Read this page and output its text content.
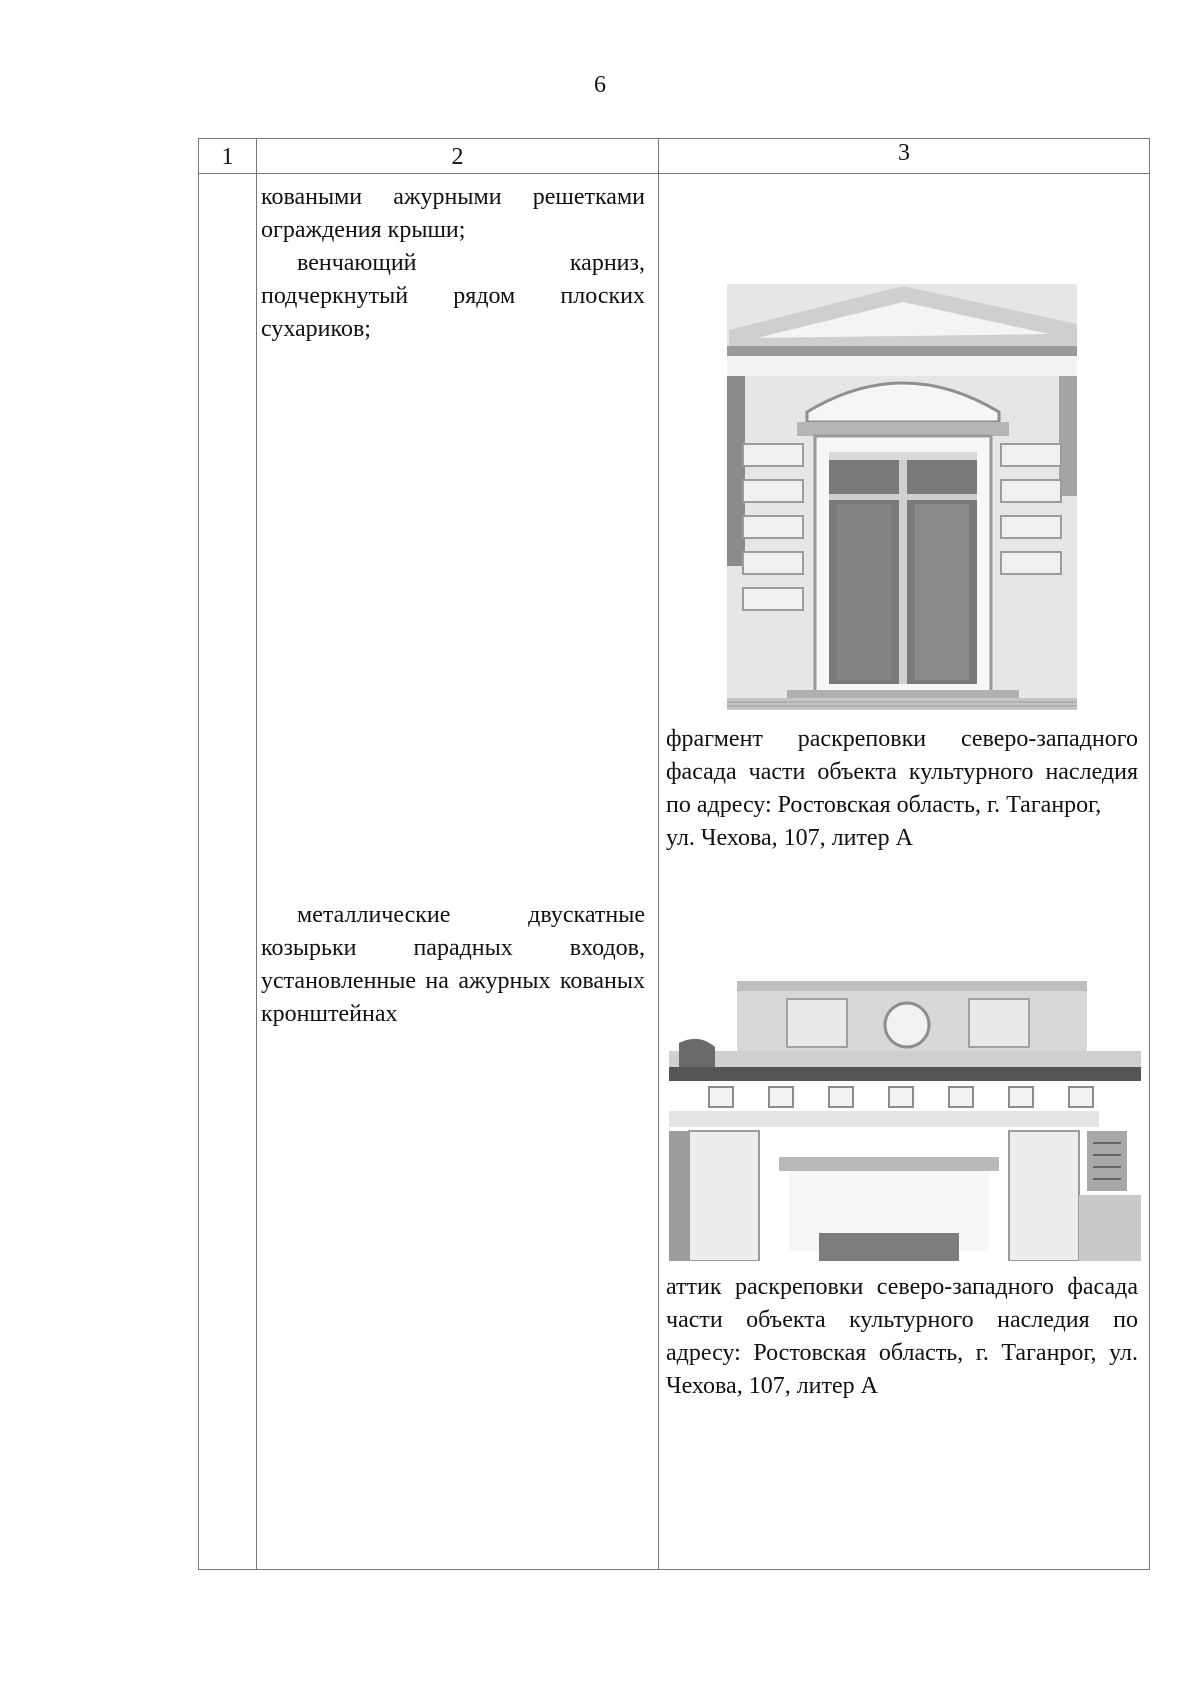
6
1	2	3

коваными ажурными решетками ограждения крыши;

венчающий карниз, подчеркнутый рядом плоских сухариков;

металлические двускатные козырьки парадных входов, установленные на ажурных кованых кронштейнах

фрагмент раскреповки северо-западного фасада части объекта культурного наследия по адресу: Ростовская область, г. Таганрог,
ул. Чехова, 107, литер А
аттик раскреповки северо-западного фасада части объекта культурного наследия по адресу: Ростовская область, г. Таганрог, ул. Чехова, 107, литер А
